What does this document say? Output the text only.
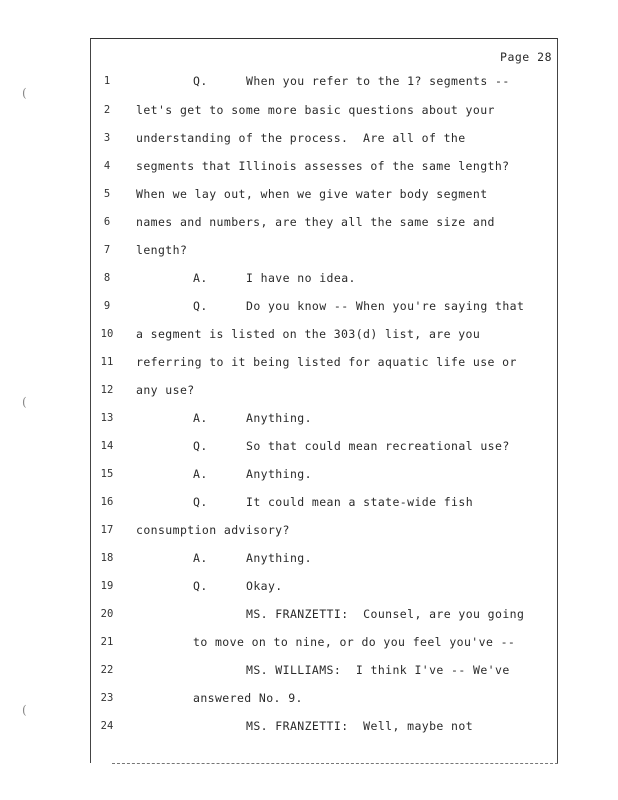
Page 28
(
(
(
1	Q.	When you refer to the 1? segments --
2	let's get to some more basic questions about your
3	understanding of the process.  Are all of the
4	segments that Illinois assesses of the same length?
5	When we lay out, when we give water body segment
6	names and numbers, are they all the same size and
7	length?
8	A.	I have no idea.
9	Q.	Do you know -- When you're saying that
10	a segment is listed on the 303(d) list, are you
11	referring to it being listed for aquatic life use or
12	any use?
13	A.	Anything.
14	Q.	So that could mean recreational use?
15	A.	Anything.
16	Q.	It could mean a state-wide fish
17	consumption advisory?
18	A.	Anything.
19	Q.	Okay.
20	MS. FRANZETTI:  Counsel, are you going
21	to move on to nine, or do you feel you've --
22	MS. WILLIAMS:  I think I've -- We've
23	answered No. 9.
24	MS. FRANZETTI:  Well, maybe not
